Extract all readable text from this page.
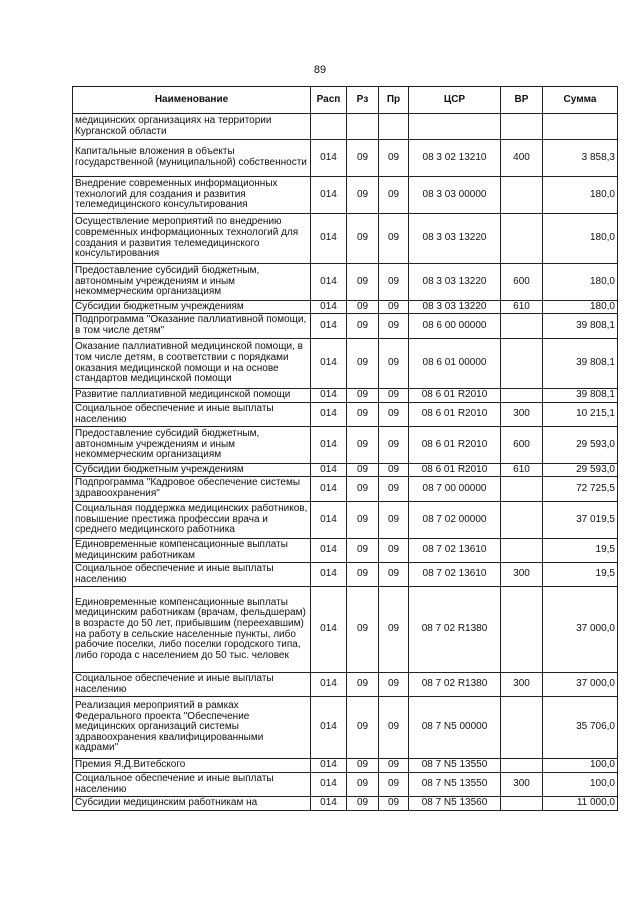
89
Наименование	Расп	Рз	Пр	ЦСР	ВР	Сумма
медицинских организациях на территории Курганской области						
Капитальные вложения в объекты государственной (муниципальной) собственности	014	09	09	08 3 02 13210	400	3 858,3
Внедрение современных информационных технологий для создания и развития телемедицинского консультирования	014	09	09	08 3 03 00000		180,0
Осуществление мероприятий по внедрению современных информационных технологий для создания и развития телемедицинского консультирования	014	09	09	08 3 03 13220		180,0
Предоставление субсидий бюджетным, автономным учреждениям и иным некоммерческим организациям	014	09	09	08 3 03 13220	600	180,0
Субсидии бюджетным учреждениям	014	09	09	08 3 03 13220	610	180,0
Подпрограмма "Оказание паллиативной помощи, в том числе детям"	014	09	09	08 6 00 00000		39 808,1
Оказание паллиативной медицинской помощи, в том числе детям, в соответствии с порядками оказания медицинской помощи и на основе стандартов медицинской помощи	014	09	09	08 6 01 00000		39 808,1
Развитие паллиативной медицинской помощи	014	09	09	08 6 01 R2010		39 808,1
Социальное обеспечение и иные выплаты населению	014	09	09	08 6 01 R2010	300	10 215,1
Предоставление субсидий бюджетным, автономным учреждениям и иным некоммерческим организациям	014	09	09	08 6 01 R2010	600	29 593,0
Субсидии бюджетным учреждениям	014	09	09	08 6 01 R2010	610	29 593,0
Подпрограмма "Кадровое обеспечение системы здравоохранения"	014	09	09	08 7 00 00000		72 725,5
Социальная поддержка медицинских работников, повышение престижа профессии врача и среднего медицинского работника	014	09	09	08 7 02 00000		37 019,5
Единовременные компенсационные выплаты медицинским работникам	014	09	09	08 7 02 13610		19,5
Социальное обеспечение и иные выплаты населению	014	09	09	08 7 02 13610	300	19,5
Единовременные компенсационные выплаты медицинским работникам (врачам, фельдшерам) в возрасте до 50 лет, прибывшим (переехавшим) на работу в сельские населенные пункты, либо рабочие поселки, либо поселки городского типа, либо города с населением до 50 тыс. человек	014	09	09	08 7 02 R1380		37 000,0
Социальное обеспечение и иные выплаты населению	014	09	09	08 7 02 R1380	300	37 000,0
Реализация мероприятий в рамках Федерального проекта "Обеспечение медицинских организаций системы здравоохранения квалифицированными кадрами"	014	09	09	08 7 N5 00000		35 706,0
Премия Я.Д.Витебского	014	09	09	08 7 N5 13550		100,0
Социальное обеспечение и иные выплаты населению	014	09	09	08 7 N5 13550	300	100,0
Субсидии медицинским работникам на	014	09	09	08 7 N5 13560		11 000,0
